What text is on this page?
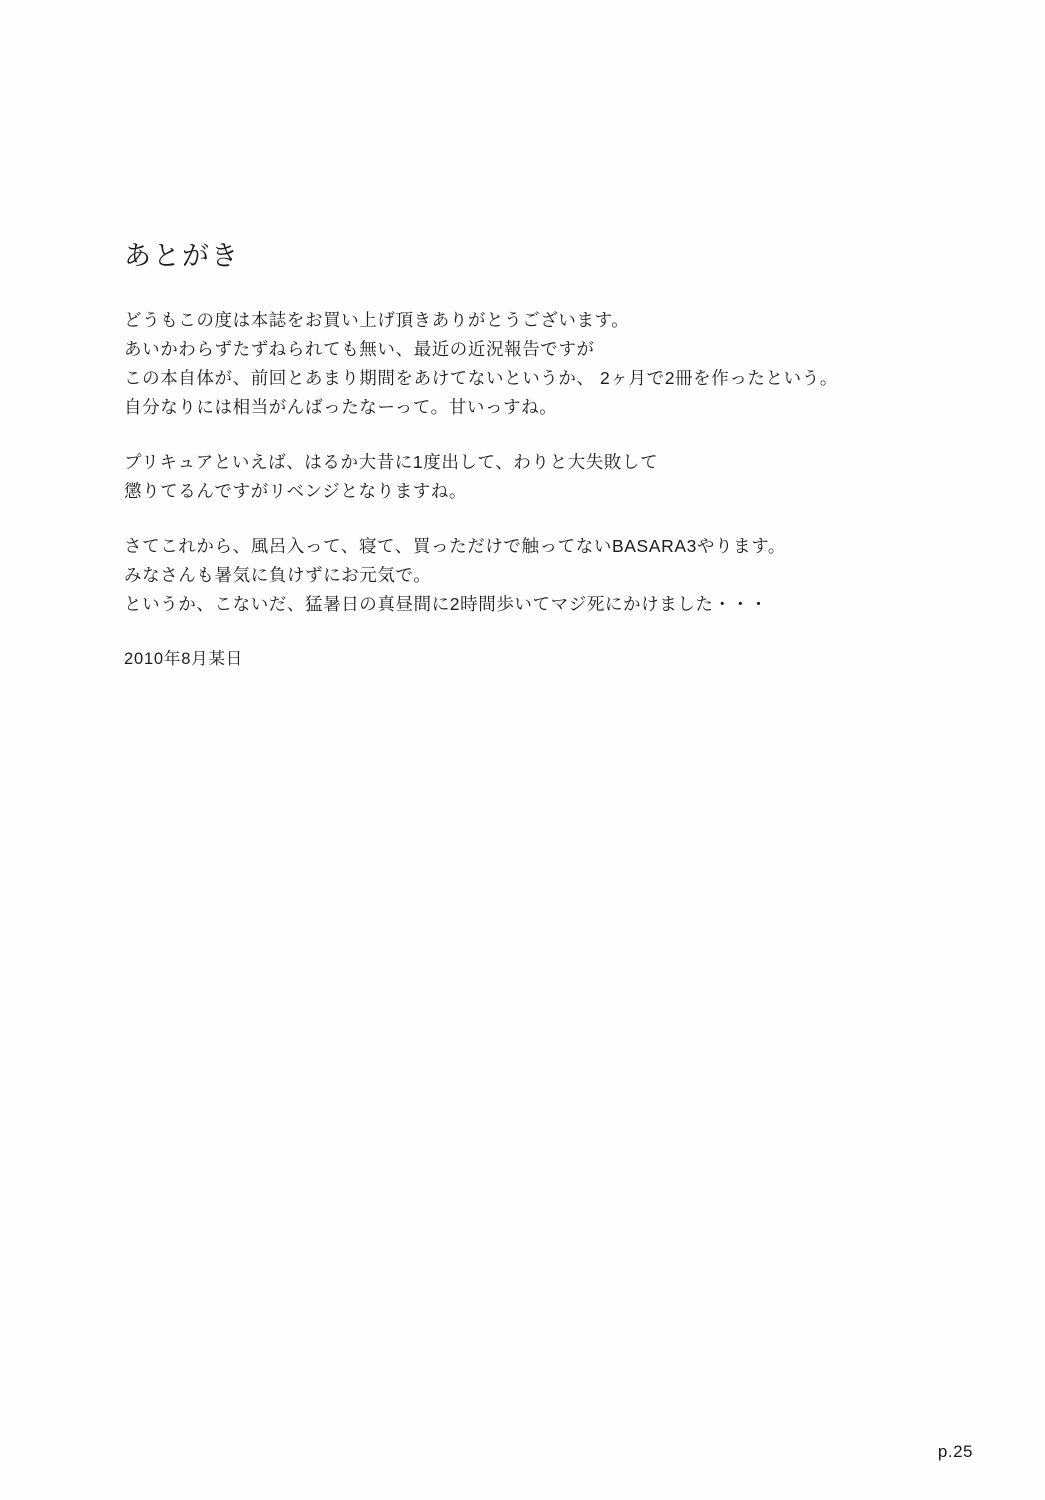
あとがき
どうもこの度は本誌をお買い上げ頂きありがとうございます。
あいかわらずたずねられても無い、最近の近況報告ですが
この本自体が、前回とあまり期間をあけてないというか、 2ヶ月で2冊を作ったという。
自分なりには相当がんばったなーって。甘いっすね。
プリキュアといえば、はるか大昔に1度出して、わりと大失敗して
懲りてるんですがリベンジとなりますね。
さてこれから、風呂入って、寝て、買っただけで触ってないBASARA3やります。
みなさんも暑気に負けずにお元気で。
というか、こないだ、猛暑日の真昼間に2時間歩いてマジ死にかけました・・・
2010年8月某日
p.25
